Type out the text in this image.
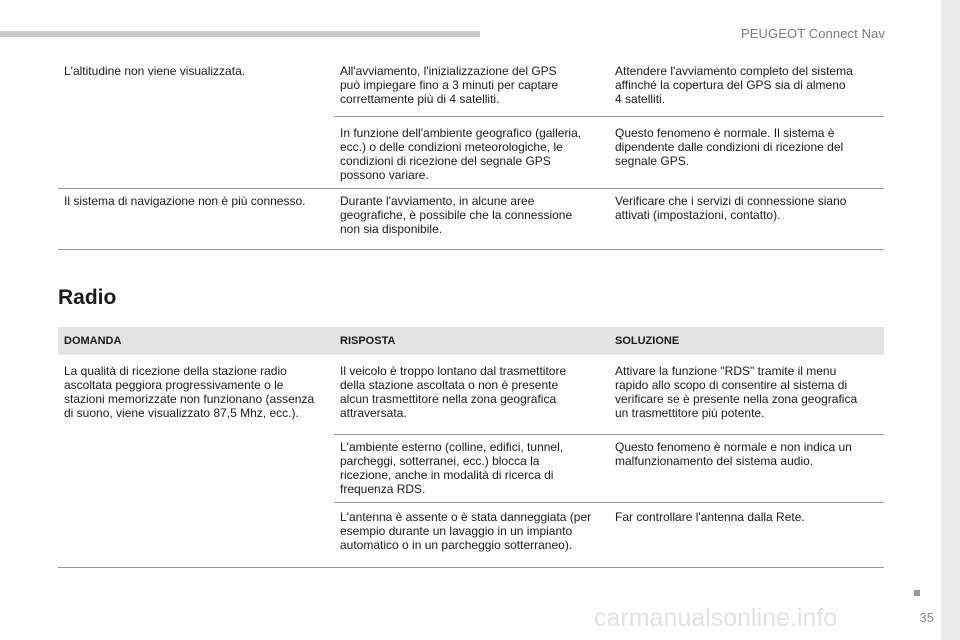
PEUGEOT Connect Nav
L'altitudine non viene visualizzata.	All'avviamento, l'inizializzazione del GPS
può impiegare fino a 3 minuti per captare
correttamente più di 4 satelliti.	Attendere l'avviamento completo del sistema
affinché la copertura del GPS sia di almeno
4 satelliti.

	In funzione dell'ambiente geografico (galleria,
ecc.) o delle condizioni meteorologiche, le
condizioni di ricezione del segnale GPS
possono variare.	Questo fenomeno è normale. Il sistema è
dipendente dalle condizioni di ricezione del
segnale GPS.

Il sistema di navigazione non è più connesso.	Durante l'avviamento, in alcune aree
geografiche, è possibile che la connessione
non sia disponibile.	Verificare che i servizi di connessione siano
attivati (impostazioni, contatto).
Radio
DOMANDA	RISPOSTA	SOLUZIONE

La qualità di ricezione della stazione radio
ascoltata peggiora progressivamente o le
stazioni memorizzate non funzionano (assenza
di suono, viene visualizzato 87,5 Mhz, ecc.).	Il veicolo è troppo lontano dal trasmettitore
della stazione ascoltata o non è presente
alcun trasmettitore nella zona geografica
attraversata.	Attivare la funzione "RDS" tramite il menu
rapido allo scopo di consentire al sistema di
verificare se è presente nella zona geografica
un trasmettitore più potente.

	L'ambiente esterno (colline, edifici, tunnel,
parcheggi, sotterranei, ecc.) blocca la
ricezione, anche in modalità di ricerca di
frequenza RDS.	Questo fenomeno è normale e non indica un
malfunzionamento del sistema audio.

	L'antenna è assente o è stata danneggiata (per
esempio durante un lavaggio in un impianto
automatico o in un parcheggio sotterraneo).	Far controllare l'antenna dalla Rete.
35
carmanualsonline.info
